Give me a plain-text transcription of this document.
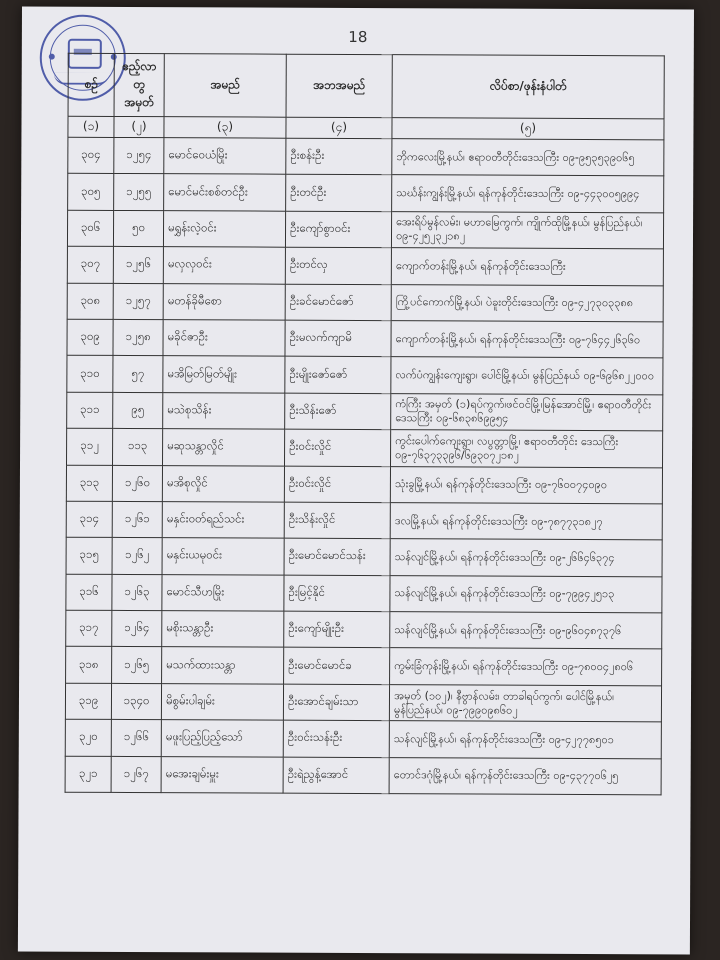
18
စဥ်	ဧည့်လာတွ အမှတ်	အမည်	အဘအမည်	လိပ်စာ/ဖုန်းနံပါတ်
(၁)	(၂)	(၃)	(၄)	(၅)
၃၀၄	၁၂၅၄	မောင်ဝေယံမြိုး	ဦးစန်းဦး	ဘိုကလေးမြို့နယ်၊ ဧရာဝတီတိုင်းဒေသကြီး ၀၉-၉၅၃၅၃၉၀၆၅
၃၀၅	၁၂၅၅	မောင်မင်းစစ်တင်ဦး	ဦးတင်ဦး	သင်္ဃန်းကျွန်းမြို့နယ်၊ ရန်ကုန်တိုင်းဒေသကြီး ၀၉-၄၄၃၀၀၅၉၉၄
၃၀၆	၅၀	မရွှန်းလဲ့ဝင်း	ဦးကျော်စွာဝင်း	အေးရိပ်မွန်လမ်း၊ မဟာမြေကွက်၊ ကျိုက်ထိုမြို့နယ်၊ မွန်ပြည်နယ်၊ ၀၉-၄၂၅၂၃၂၁၈၂
၃၀၇	၁၂၅၆	မလှလှဝင်း	ဦးတင်လှ	ကျောက်တန်းမြို့နယ်၊ ရန်ကုန်တိုင်းဒေသကြီး
၃၀၈	၁၂၅၇	မတန်ခိုမီစော	ဦးခင်မောင်ဇော်	ကြို့ပင်ကောက်မြို့နယ်၊ ပဲခူးတိုင်းဒေသကြီး ၀၉-၄၂၇၃၀၃၃၈၈
၃၀၉	၁၂၅၈	မခိုင်ဇာဦး	ဦးမလက်ကျာမိ	ကျောက်တန်းမြို့နယ်၊ ရန်ကုန်တိုင်းဒေသကြီး ၀၉-၇၆၄၄၂၆၃၆၀
၃၁၀	၅၇	မအိမြတ်မြတ်မျိုး	ဦးမျိုးဇော်ဇော်	လက်ပံကျွန်းကျေးရွာ၊ ပေါင်မြို့နယ်၊ မွန်ပြည်နယ် ၀၉-၆၉၆၈၂၂၀၀၀
၃၁၁	၉၅	မသဲစုသိန်း	ဦးသိန်းဇော်	ကံကြီး အမှတ် (၁)ရပ်ကွက်၊ဖင်ဝင်မြို့၊မြန်အောင်မြို့၊ ဧရာဝတီတိုင်းဒေသကြီး ၀၉-၆၈၃၈၆၉၉၅၄
၃၁၂	၁၁၃	မဆုသန္တာလှိုင်	ဦးဝင်းလှိုင်	ကွင်းပေါက်ကျေးရွာ၊ လပွတ္တာမြို့၊ ဧရာဝတီတိုင်း ဒေသကြီး ၀၉-၇၆၃၇၃၃၉၆/၆၉၃၀၇၂၁၈၂
၃၁၃	၁၂၆၀	မအိစုလှိုင်	ဦးဝင်းလှိုင်	သုံးခွမြို့နယ်၊ ရန်ကုန်တိုင်းဒေသကြီး ၀၉-၇၆၀၀၇၄၀၉၀
၃၁၄	၁၂၆၁	မနှင်းဝတ်ရည်သင်း	ဦးသိန်းလှိုင်	ဒလမြို့နယ်၊ ရန်ကုန်တိုင်းဒေသကြီး ၀၉-၇၈၇၇၃၁၈၂၇
၃၁၅	၁၂၆၂	မနှင်းယမုဝင်း	ဦးမောင်မောင်သန်း	သန်လျင်မြို့နယ်၊ ရန်ကုန်တိုင်းဒေသကြီး ၀၉-၂၆၆၄၆၃၇၄
၃၁၆	၁၂၆၃	မောင်သီဟမြိုး	ဦးမြင့်နိုင်	သန်လျင်မြို့နယ်၊ ရန်ကုန်တိုင်းဒေသကြီး ၀၉-၇၉၉၄၂၅၁၃
၃၁၇	၁၂၆၄	မစိုးသန္တာဦး	ဦးကျော်မျိုးဦး	သန်လျင်မြို့နယ်၊ ရန်ကုန်တိုင်းဒေသကြီး ၀၉-၉၆၀၄၈၇၃၇၆
၃၁၈	၁၂၆၅	မသက်ထားသန္တာ	ဦးမောင်မောင်ခ	ကွမ်းခြံကုန်းမြို့နယ်၊ ရန်ကုန်တိုင်းဒေသကြီး ၀၉-၇၈၀၀၄၂၈၀၆
၃၁၉	၁၃၄၀	မိစွမ်းပါချမ်း	ဦးအောင်ချမ်းသာ	အမှတ် (၁၀၂)၊ နီဗွာန်လမ်း၊ တာခါရပ်ကွက်၊ ပေါင်မြို့နယ်၊ မွန်ပြည်နယ်၊ ၀၉-၇၉၉၀၉၈၆၀၂
၃၂၀	၁၂၆၆	မဖူးပြည့်ပြည့်သော်	ဦးဝင်းသန်းဦး	သန်လျင်မြို့နယ်၊ ရန်ကုန်တိုင်းဒေသကြီး ၀၉-၄၂၇၇၈၅၀၁
၃၂၁	၁၂၆၇	မအေးချမ်းမှူး	ဦးရဲညွန့်အောင်	တောင်ဒဂုံမြို့နယ်၊ ရန်ကုန်တိုင်းဒေသကြီး ၀၉-၄၃၇၇၀၆၂၅
